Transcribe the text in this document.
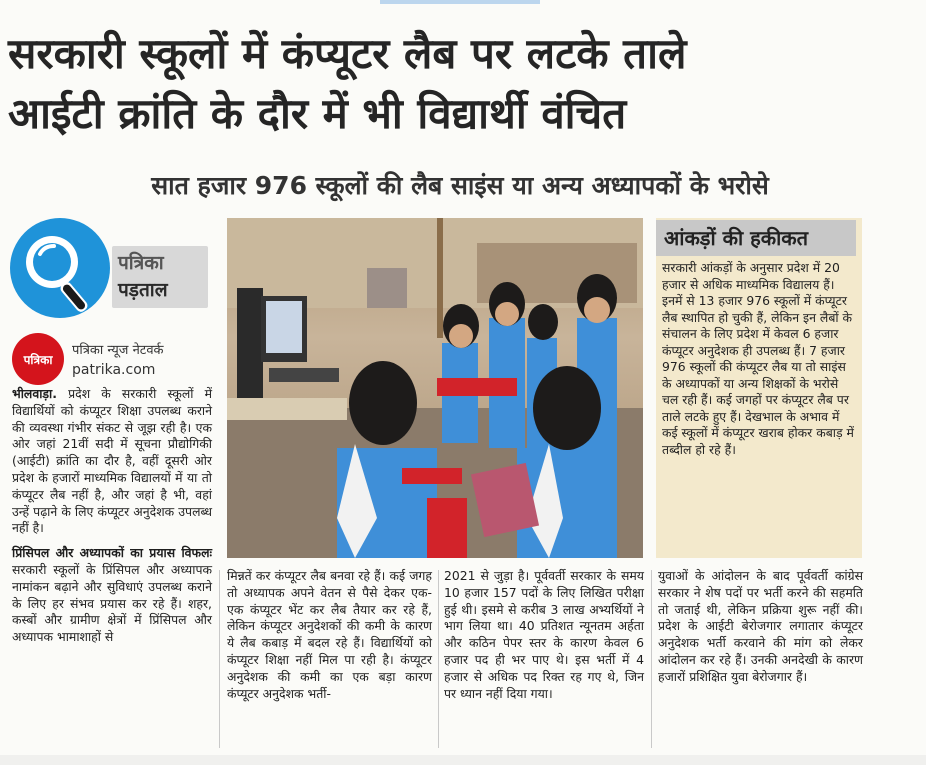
सरकारी स्कूलों में कंप्यूटर लैब पर लटके ताले
आईटी क्रांति के दौर में भी विद्यार्थी वंचित
सात हजार 976 स्कूलों की लैब साइंस या अन्य अध्यापकों के भरोसे
पत्रिका
पड़ताल
पत्रिका
पत्रिका न्यूज नेटवर्क
patrika.com
आंकड़ों की हकीकत
सरकारी आंकड़ों के अनुसार प्रदेश में 20 हजार से अधिक माध्यमिक विद्यालय हैं। इनमें से 13 हजार 976 स्कूलों में कंप्यूटर लैब स्थापित हो चुकी हैं, लेकिन इन लैबों के संचालन के लिए प्रदेश में केवल 6 हजार कंप्यूटर अनुदेशक ही उपलब्ध हैं। 7 हजार 976 स्कूलों की कंप्यूटर लैब या तो साइंस के अध्यापकों या अन्य शिक्षकों के भरोसे चल रही हैं। कई जगहों पर कंप्यूटर लैब पर ताले लटके हुए हैं। देखभाल के अभाव में कई स्कूलों में कंप्यूटर खराब होकर कबाड़ में तब्दील हो रहे हैं।

भीलवाड़ा. प्रदेश के सरकारी स्कूलों में विद्यार्थियों को कंप्यूटर शिक्षा उपलब्ध कराने की व्यवस्था गंभीर संकट से जूझ रही है। एक ओर जहां 21वीं सदी में सूचना प्रौद्योगिकी (आईटी) क्रांति का दौर है, वहीं दूसरी ओर प्रदेश के हजारों माध्यमिक विद्यालयों में या तो कंप्यूटर लैब नहीं है, और जहां है भी, वहां उन्हें पढ़ाने के लिए कंप्यूटर अनुदेशक उपलब्ध नहीं है।

प्रिंसिपल और अध्यापकों का प्रयास विफलः सरकारी स्कूलों के प्रिंसिपल और अध्यापक नामांकन बढ़ाने और सुविधाएं उपलब्ध कराने के लिए हर संभव प्रयास कर रहे हैं। शहर, कस्बों और ग्रामीण क्षेत्रों में प्रिंसिपल और अध्यापक भामाशाहों से

मिन्नतें कर कंप्यूटर लैब बनवा रहे हैं। कई जगह तो अध्यापक अपने वेतन से पैसे देकर एक-एक कंप्यूटर भेंट कर लैब तैयार कर रहे हैं, लेकिन कंप्यूटर अनुदेशकों की कमी के कारण ये लैब कबाड़ में बदल रहे हैं। विद्यार्थियों को कंप्यूटर शिक्षा नहीं मिल पा रही है। कंप्यूटर अनुदेशक की कमी का एक बड़ा कारण कंप्यूटर अनुदेशक भर्ती-

2021 से जुड़ा है। पूर्ववर्ती सरकार के समय 10 हजार 157 पदों के लिए लिखित परीक्षा हुई थी। इसमे से करीब 3 लाख अभ्यर्थियों ने भाग लिया था। 40 प्रतिशत न्यूनतम अर्हता और कठिन पेपर स्तर के कारण केवल 6 हजार पद ही भर पाए थे। इस भर्ती में 4 हजार से अधिक पद रिक्त रह गए थे, जिन पर ध्यान नहीं दिया गया।

युवाओं के आंदोलन के बाद पूर्ववर्ती कांग्रेस सरकार ने शेष पदों पर भर्ती करने की सहमति तो जताई थी, लेकिन प्रक्रिया शुरू नहीं की। प्रदेश के आईटी बेरोजगार लगातार कंप्यूटर अनुदेशक भर्ती करवाने की मांग को लेकर आंदोलन कर रहे हैं। उनकी अनदेखी के कारण हजारों प्रशिक्षित युवा बेरोजगार हैं।
